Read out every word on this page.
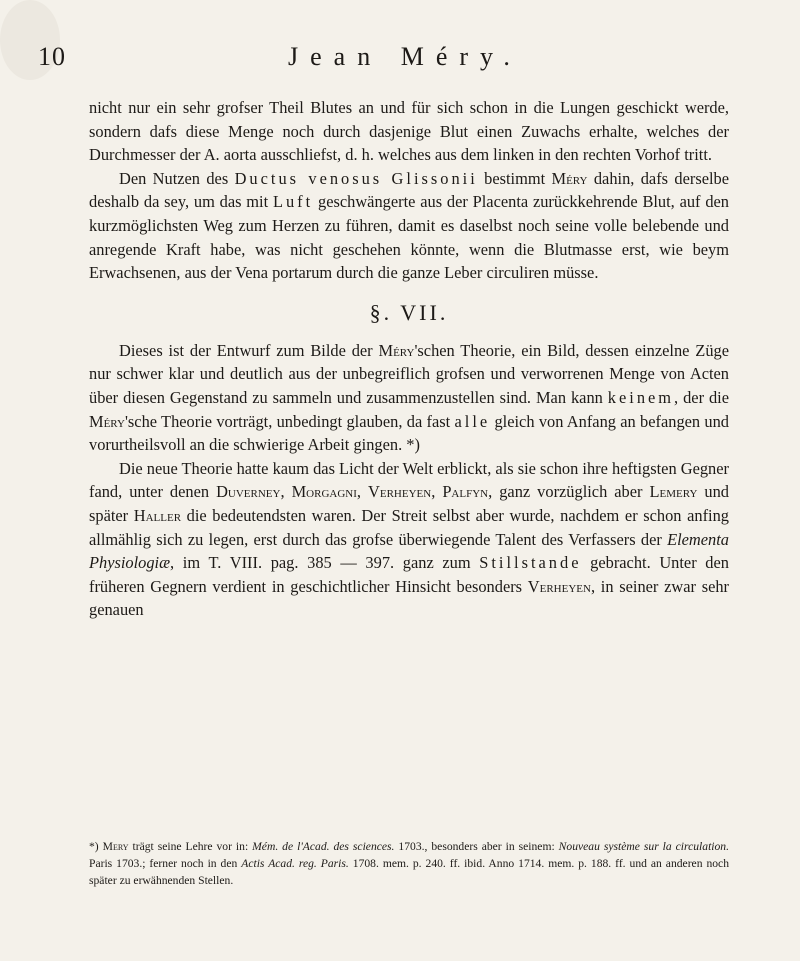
10	Jean Méry.

nicht nur ein sehr grofser Theil Blutes an und für sich schon in die Lungen geschickt werde, sondern dafs diese Menge noch durch dasjenige Blut einen Zuwachs erhalte, welches der Durchmesser der A. aorta ausschliefst, d. h. welches aus dem linken in den rechten Vorhof tritt.

Den Nutzen des Ductus venosus Glissonii bestimmt Méry dahin, dafs derselbe deshalb da sey, um das mit Luft geschwängerte aus der Placenta zurückkehrende Blut, auf den kurzmöglichsten Weg zum Herzen zu führen, damit es daselbst noch seine volle belebende und anregende Kraft habe, was nicht geschehen könnte, wenn die Blutmasse erst, wie beym Erwachsenen, aus der Vena portarum durch die ganze Leber circuliren müsse.

§. VII.

Dieses ist der Entwurf zum Bilde der Méry'schen Theorie, ein Bild, dessen einzelne Züge nur schwer klar und deutlich aus der unbegreiflich grofsen und verworrenen Menge von Acten über diesen Gegenstand zu sammeln und zusammenzustellen sind. Man kann keinem, der die Méry'sche Theorie vorträgt, unbedingt glauben, da fast alle gleich von Anfang an befangen und vorurtheilsvoll an die schwierige Arbeit gingen. *)

Die neue Theorie hatte kaum das Licht der Welt erblickt, als sie schon ihre heftigsten Gegner fand, unter denen Duverney, Morgagni, Verheyen, Palfyn, ganz vorzüglich aber Lemery und später Haller die bedeutendsten waren. Der Streit selbst aber wurde, nachdem er schon anfing allmählig sich zu legen, erst durch das grofse überwiegende Talent des Verfassers der Elementa Physiologiæ, im T. VIII. pag. 385 — 397. ganz zum Stillstande gebracht. Unter den früheren Gegnern verdient in geschichtlicher Hinsicht besonders Verheyen, in seiner zwar sehr genauen

*) Mery trägt seine Lehre vor in: Mém. de l'Acad. des sciences. 1703., besonders aber in seinem: Nouveau système sur la circulation. Paris 1703.; ferner noch in den Actis Acad. reg. Paris. 1708. mem. p. 240. ff. ibid. Anno 1714. mem. p. 188. ff. und an anderen noch später zu erwähnenden Stellen.
